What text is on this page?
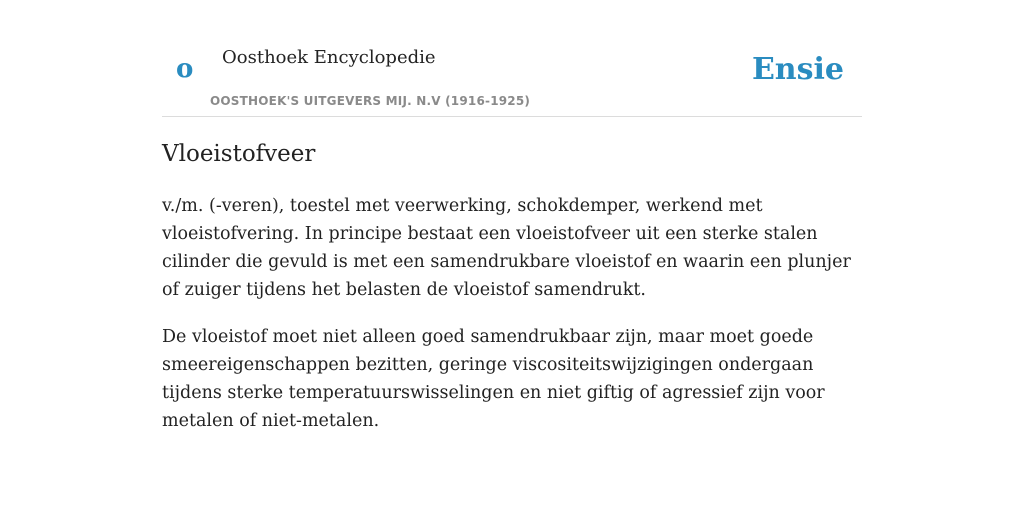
o Oosthoek Encyclopedie
OOSTHOEK'S UITGEVERS MIJ. N.V (1916-1925)
Ensie
Vloeistofveer

v./m. (-veren), toestel met veerwerking, schokdemper, werkend met vloeistofvering. In principe bestaat een vloeistofveer uit een sterke stalen cilinder die gevuld is met een samendrukbare vloeistof en waarin een plunjer of zuiger tijdens het belasten de vloeistof samendrukt.

De vloeistof moet niet alleen goed samendrukbaar zijn, maar moet goede smeereigenschappen bezitten, geringe viscositeitswijzigingen ondergaan tijdens sterke temperatuurswisselingen en niet giftig of agressief zijn voor metalen of niet-metalen.
